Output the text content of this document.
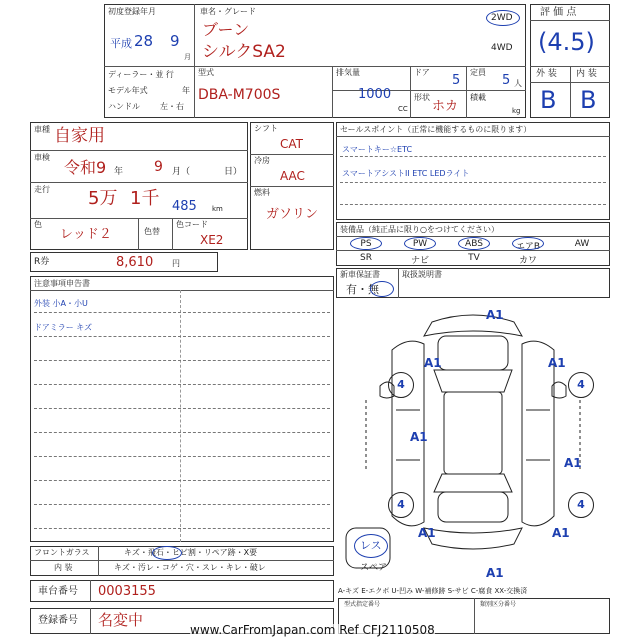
初度登録年月
平成 28 9
月
車名・グレード
ブーン
シルクSA2
2WD
4WD
ディーラー・並 行
モデル年式	年
ハンドル	左・右
型式
DBA-M700S
排気量
1000
CC
ドア
5
定員
5 人
形状
ホカ
積載
kg
評 価 点
(4.5)
外 装 内 装
B B
車種 自家用
車検
令和9 年 9 月（	日）
走行 5万 1千 485 km
色
レッド２	色替
色コード
XE2
シフト
CAT
冷房
AAC
燃料
ガソリン
セールスポイント（正常に機能するものに限ります）
スマートキー☆ETC
スマートアシストII ETC LEDライト
装備品（純正品に限り○をつけてください）
PS	PW	ABS	エアB	AW
SR	ナビ	TV	カワ
新車保証書
有・無
取扱説明書
R券	8,610 円
注意事項申告書
外装 小A・小U
ドアミラー キズ
フロントガラス	キズ・飛石・ヒビ割・リペア跡・X要
内 装	キズ・汚レ・コゲ・穴・スレ・キレ・破レ
車台番号 0003155
登録番号 名変中
A-キズ E-エクボ U-凹み W-補修跡 S-サビ C-腐食 XX-交換済
型式指定番号	類別区分番号
www.CarFromJapan.com Ref CFJ2110508
A1
A1
A1
A1
A1
A1
A1
A1
4	4
4	4
レス
スペア
